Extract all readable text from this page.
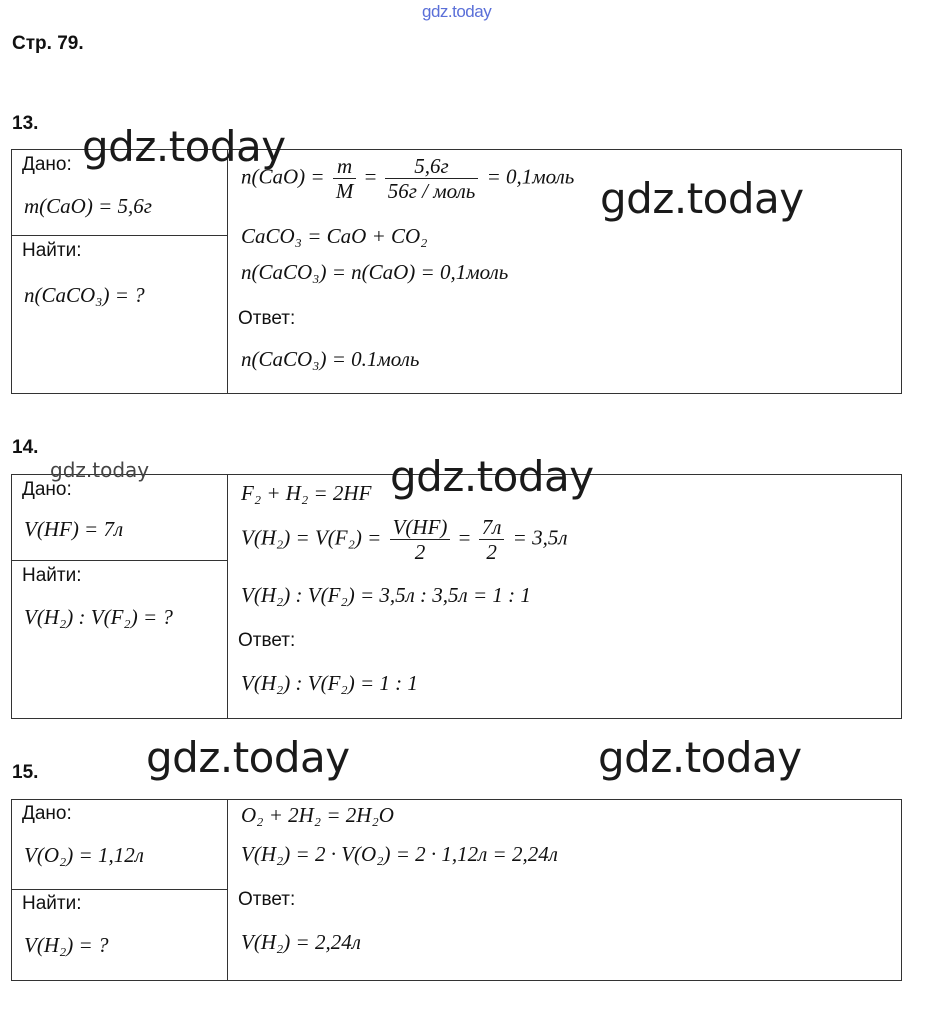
gdz.today
Стр. 79.
13.
Дано:
m(CaO) = 5,6г
Найти:
n(CaCO₃) = ?
$n(CaO) = \frac{m}{M} = \frac{5,6г}{\text{56г / моль}}$ = 0,1моль
CaCO₃ = CaO + CO₂
n(CaCO₃) = n(CaO) = 0,1моль
Ответ:
n(CaCO₃) = 0.1моль
14.
Дано:
V(HF) = 7л
Найти:
V(H₂) : V(F₂) = ?
F₂ + H₂ = 2HF
$V(H_2) = V(F_2) = \frac{V(HF)}{2} = \frac{7л}{2} = 3,5л$
V(H₂) : V(F₂) = 3,5л : 3,5л = 1 : 1
Ответ:
V(H₂) : V(F₂) = 1 : 1
15.
Дано:
V(O₂) = 1,12л
Найти:
V(H₂) = ?
O₂ + 2H₂ = 2H₂O
V(H₂) = 2 · V(O₂) = 2 · 1,12л = 2,24л
Ответ:
V(H₂) = 2,24л
gdz.today
gdz.today
gdz.today	gdz.today
gdz.today	gdz.today
